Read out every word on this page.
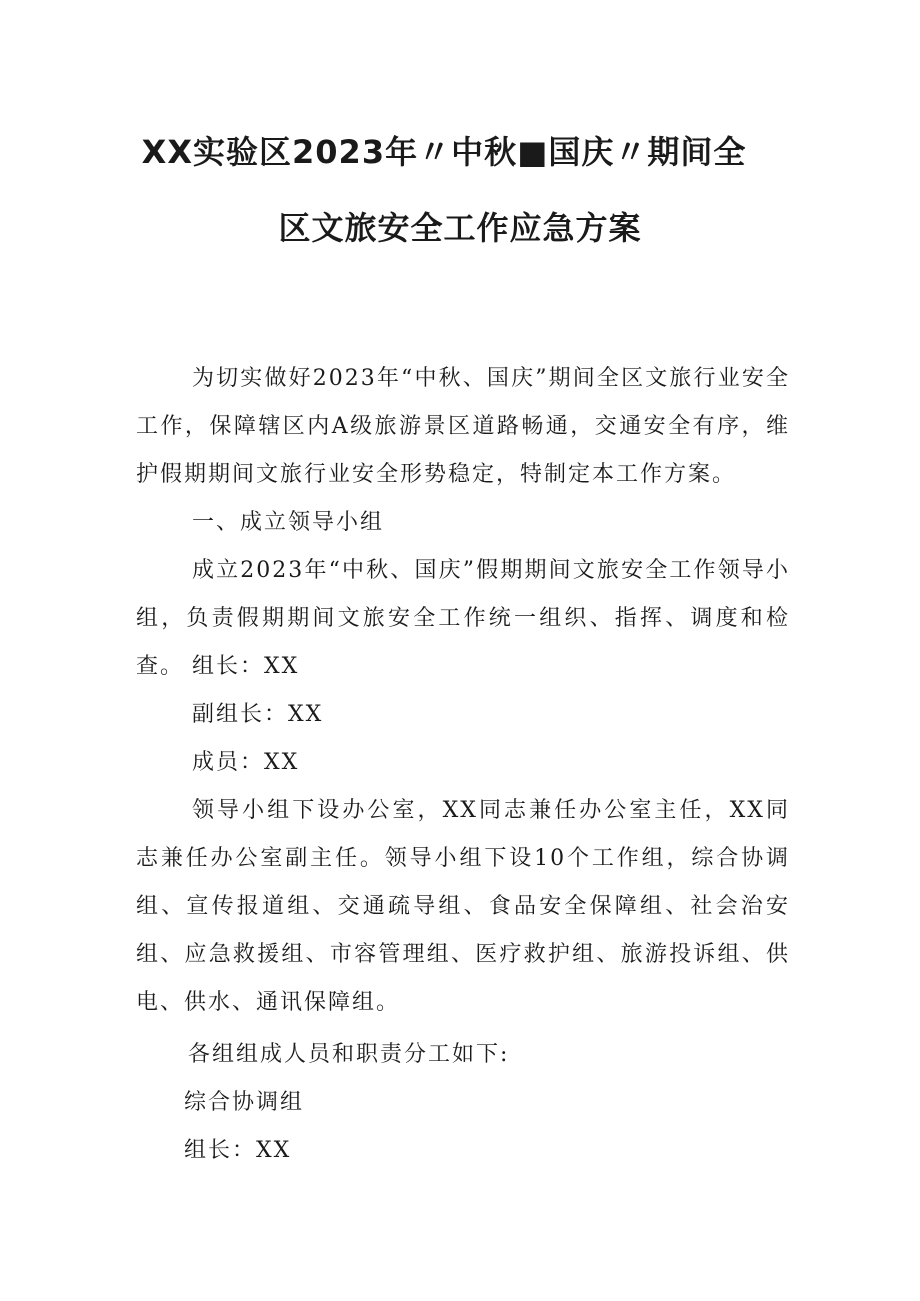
XX实验区2023年〃中秋■国庆〃期间全
区文旅安全工作应急方案

为切实做好2023年“中秋、国庆”期间全区文旅行业安全工作，保障辖区内A级旅游景区道路畅通，交通安全有序，维护假期期间文旅行业安全形势稳定，特制定本工作方案。

一、成立领导小组

成立2023年“中秋、国庆”假期期间文旅安全工作领导小组，负责假期期间文旅安全工作统一组织、指挥、调度和检查。 组长：XX

副组长：XX

成员：XX

领导小组下设办公室，XX同志兼任办公室主任，XX同志兼任办公室副主任。领导小组下设10个工作组，综合协调组、宣传报道组、交通疏导组、食品安全保障组、社会治安组、应急救援组、市容管理组、医疗救护组、旅游投诉组、供电、供水、通讯保障组。

各组组成人员和职责分工如下:

综合协调组

组长：XX
